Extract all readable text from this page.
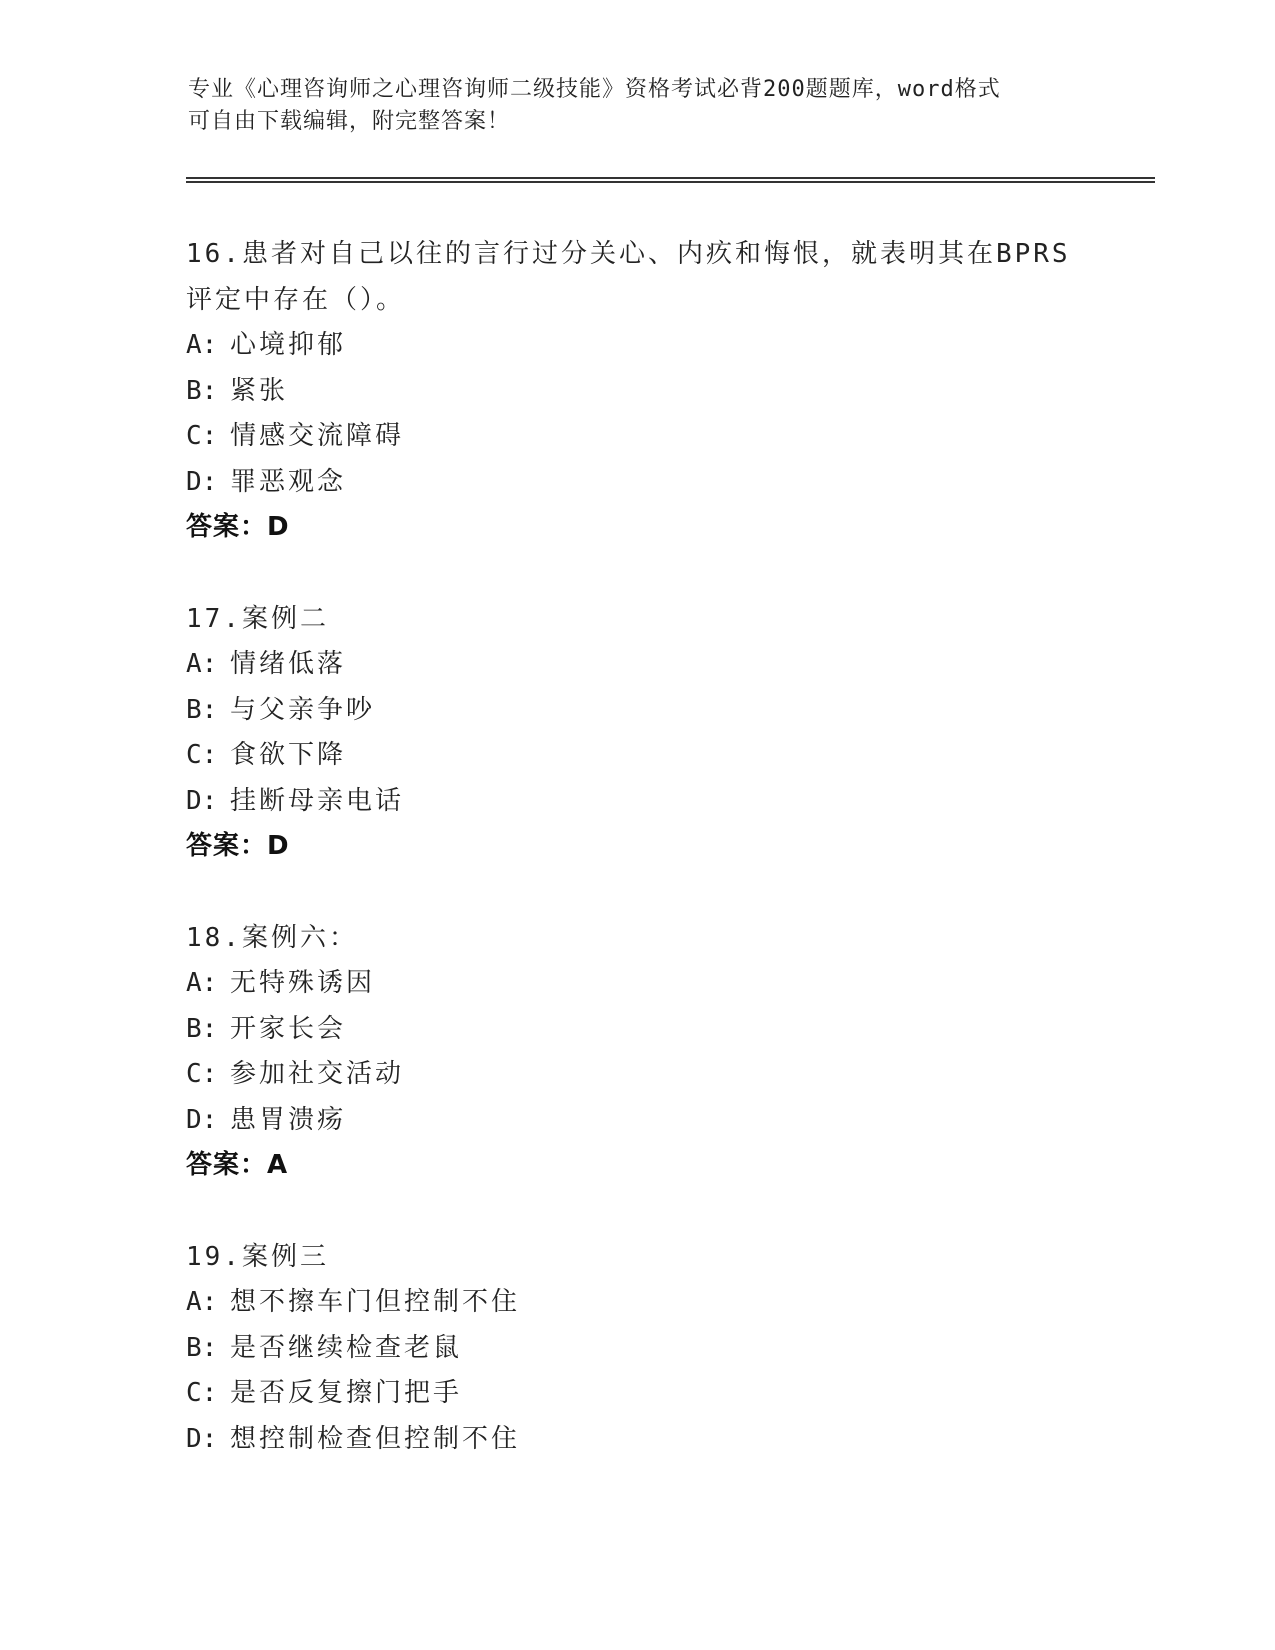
专业《心理咨询师之心理咨询师二级技能》资格考试必背200题题库，word格式
可自由下载编辑，附完整答案！
16.患者对自己以往的言行过分关心、内疚和悔恨，就表明其在BPRS
评定中存在（）。
A: 心境抑郁
B: 紧张
C: 情感交流障碍
D: 罪恶观念
答案：D
17.案例二
A: 情绪低落
B: 与父亲争吵
C: 食欲下降
D: 挂断母亲电话
答案：D
18.案例六：
A: 无特殊诱因
B: 开家长会
C: 参加社交活动
D: 患胃溃疡
答案：A
19.案例三
A: 想不擦车门但控制不住
B: 是否继续检查老鼠
C: 是否反复擦门把手
D: 想控制检查但控制不住
